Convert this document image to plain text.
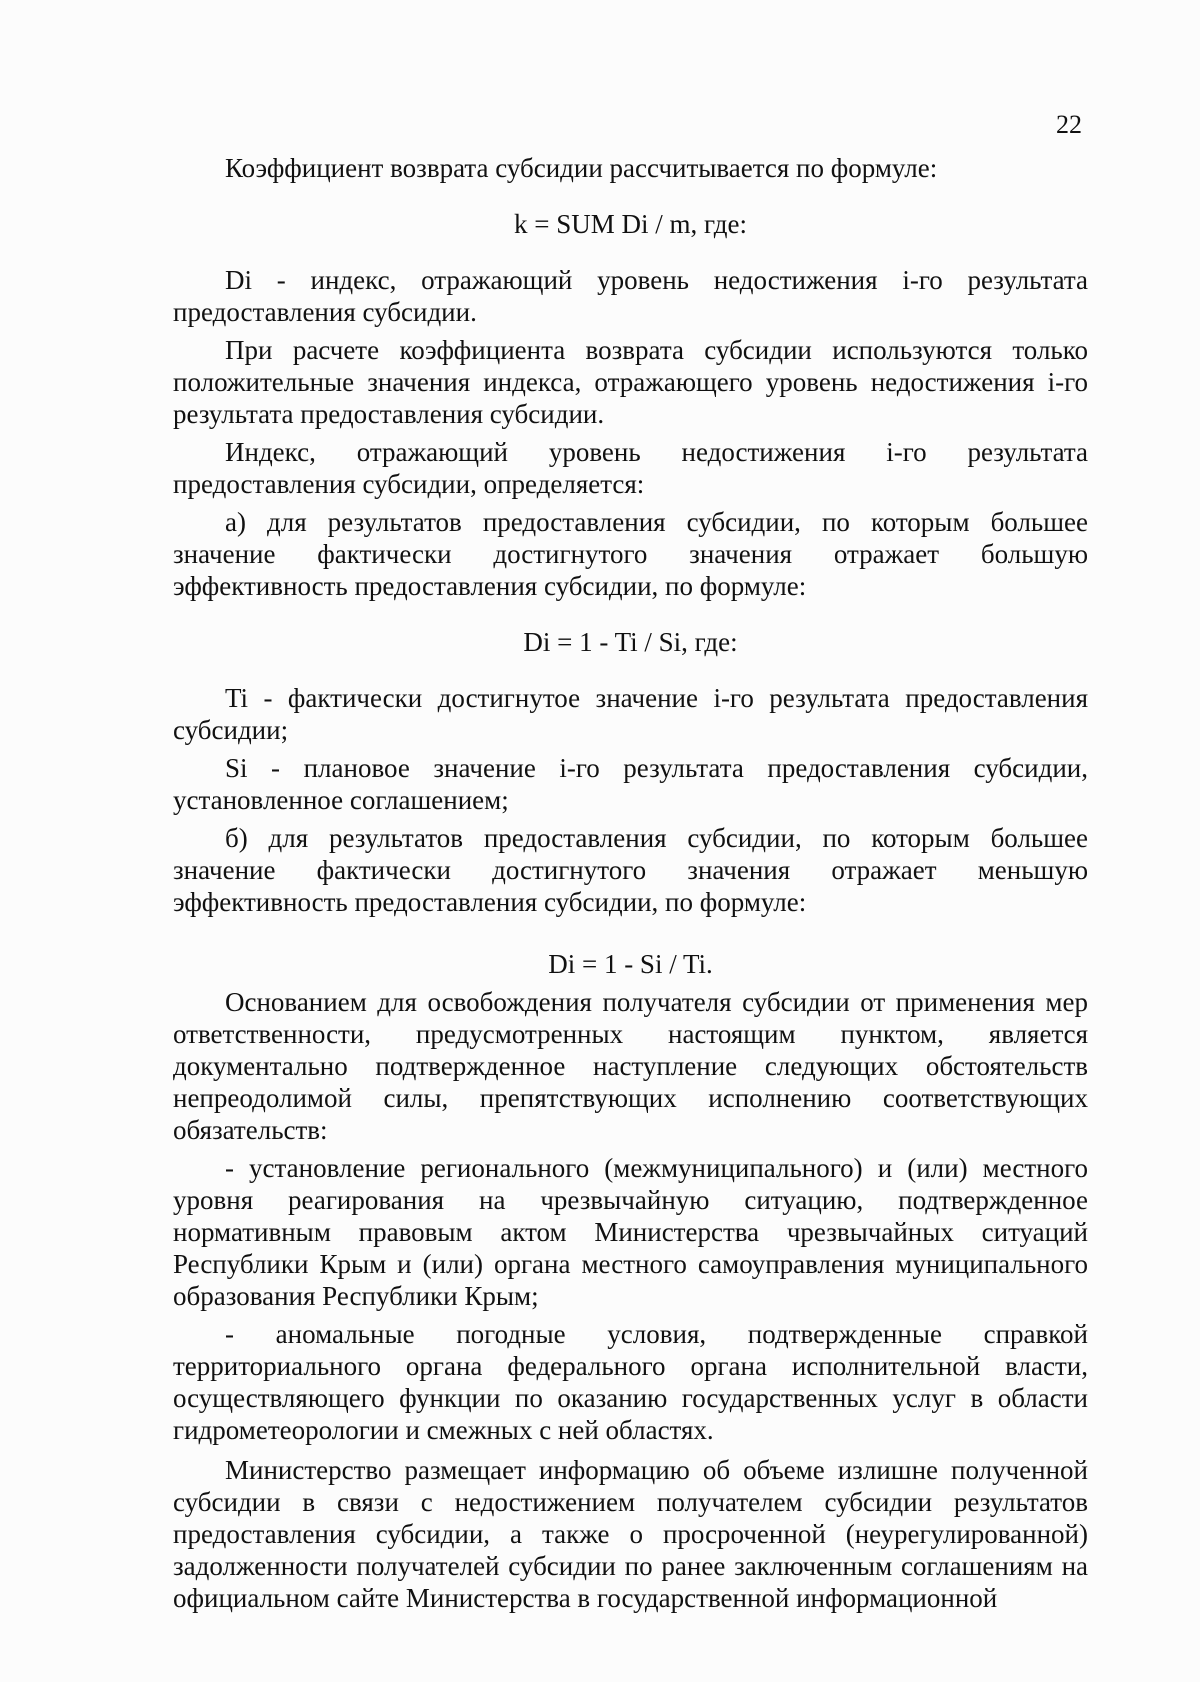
22

Коэффициент возврата субсидии рассчитывается по формуле:

k = SUM Di / m, где:

Di - индекс, отражающий уровень недостижения i-го результата предоставления субсидии.

При расчете коэффициента возврата субсидии используются только положительные значения индекса, отражающего уровень недостижения i-го результата предоставления субсидии.

Индекс, отражающий уровень недостижения i-го результата предоставления субсидии, определяется:

а) для результатов предоставления субсидии, по которым большее значение фактически достигнутого значения отражает большую эффективность предоставления субсидии, по формуле:

Di = 1 - Ti / Si, где:

Ti - фактически достигнутое значение i-го результата предоставления субсидии;

Si - плановое значение i-го результата предоставления субсидии, установленное соглашением;

б) для результатов предоставления субсидии, по которым большее значение фактически достигнутого значения отражает меньшую эффективность предоставления субсидии, по формуле:

Di = 1 - Si / Ti.

Основанием для освобождения получателя субсидии от применения мер ответственности, предусмотренных настоящим пунктом, является документально подтвержденное наступление следующих обстоятельств непреодолимой силы, препятствующих исполнению соответствующих обязательств:

- установление регионального (межмуниципального) и (или) местного уровня реагирования на чрезвычайную ситуацию, подтвержденное нормативным правовым актом Министерства чрезвычайных ситуаций Республики Крым и (или) органа местного самоуправления муниципального образования Республики Крым;

- аномальные погодные условия, подтвержденные справкой территориального органа федерального органа исполнительной власти, осуществляющего функции по оказанию государственных услуг в области гидрометеорологии и смежных с ней областях.

Министерство размещает информацию об объеме излишне полученной субсидии в связи с недостижением получателем субсидии результатов предоставления субсидии, а также о просроченной (неурегулированной) задолженности получателей субсидии по ранее заключенным соглашениям на официальном сайте Министерства в государственной информационной
